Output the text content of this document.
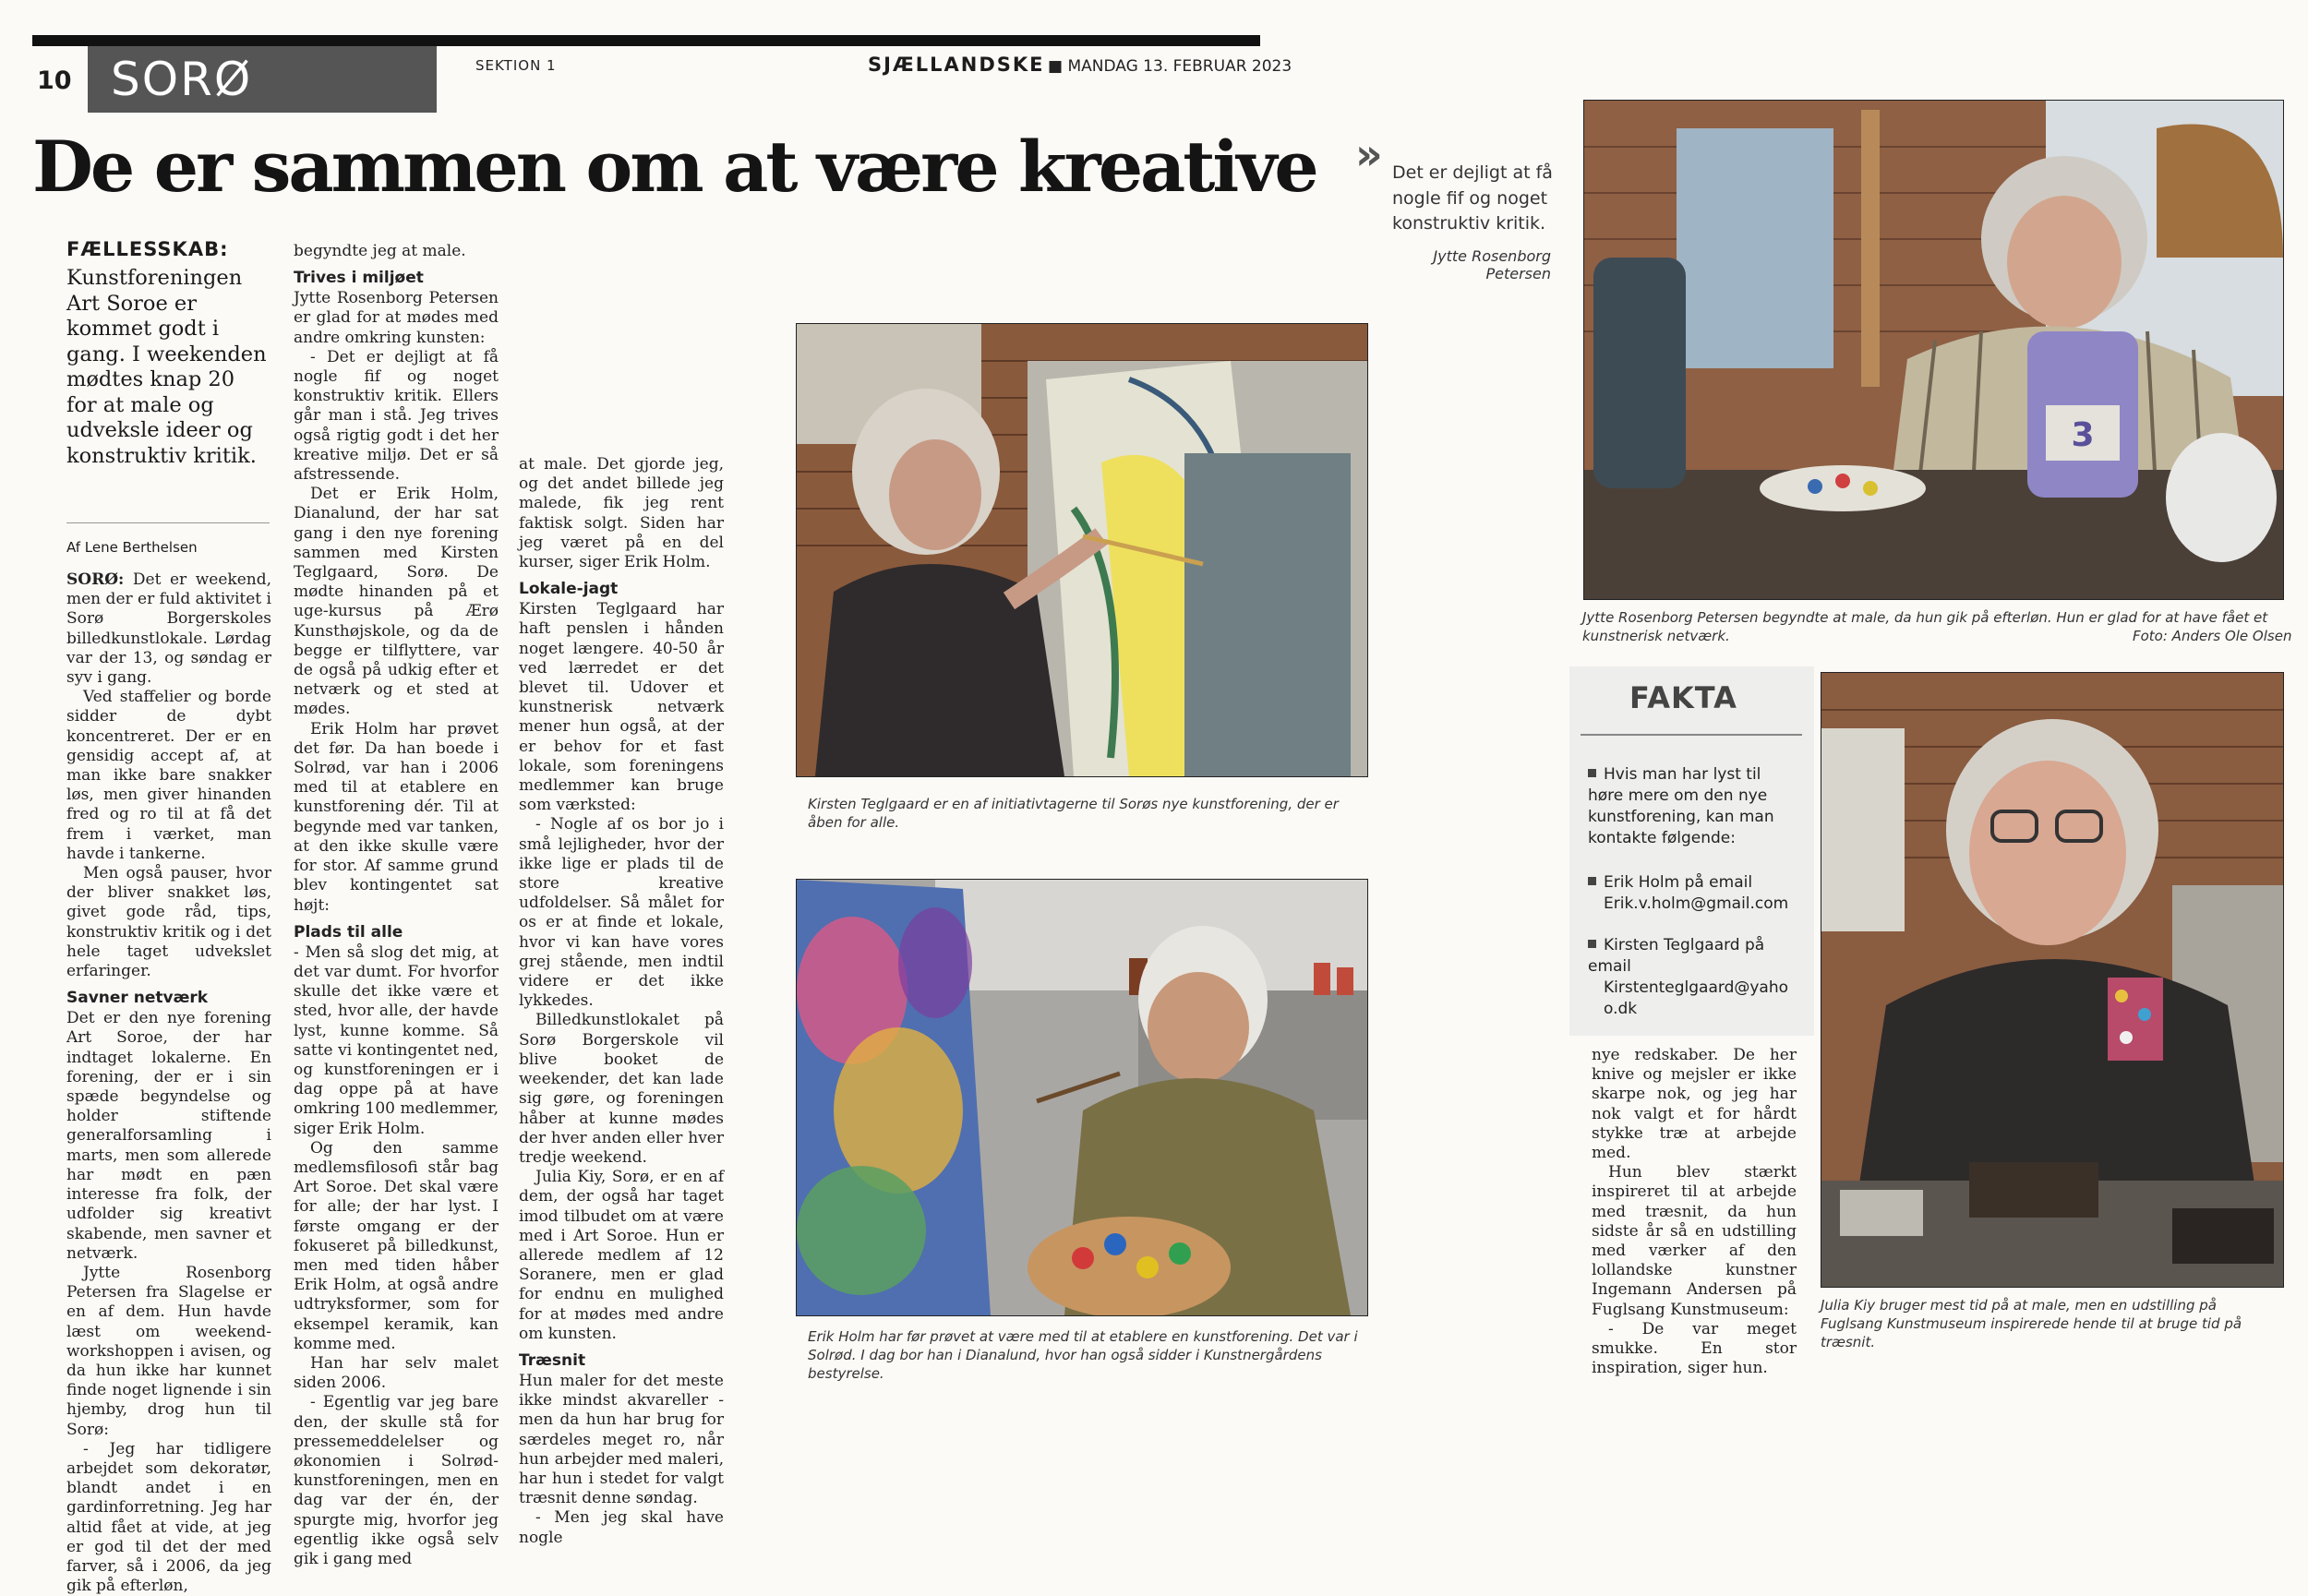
10 SORØ	SEKTION 1	SJÆLLANDSKE ■ MANDAG 13. FEBRUAR 2023
De er sammen om at være kreative » Det er dejligt at få nogle fif og noget konstruktiv kritik.
Jytte Rosenborg Petersen
FÆLLESSKAB:
Kunstforeningen Art Soroe er kommet godt i gang. I weekenden mødtes knap 20 for at male og udveksle ideer og konstruktiv kritik.
Af Lene Berthelsen

SORØ: Det er weekend, men der er fuld aktivitet i Sorø Borgerskoles billedkunstlokale. Lørdag var der 13, og søndag er syv i gang.

Ved staffelier og borde sidder de dybt koncentreret. Der er en gensidig accept af, at man ikke bare snakker løs, men giver hinanden fred og ro til at få det frem i værket, man havde i tankerne.

Men også pauser, hvor der bliver snakket løs, givet gode råd, tips, konstruktiv kritik og i det hele taget udvekslet erfaringer.

Savner netværk

Det er den nye forening Art Soroe, der har indtaget lokalerne. En forening, der er i sin spæde begyndelse og holder stiftende generalforsamling i marts, men som allerede har mødt en pæn interesse fra folk, der udfolder sig kreativt skabende, men savner et netværk.

Jytte Rosenborg Petersen fra Slagelse er en af dem. Hun havde læst om weekend-workshoppen i avisen, og da hun ikke har kunnet finde noget lignende i sin hjemby, drog hun til Sorø:

- Jeg har tidligere arbejdet som dekoratør, blandt andet i en gardinforretning. Jeg har altid fået at vide, at jeg er god til det der med farver, så i 2006, da jeg gik på efterløn,

begyndte jeg at male.

Trives i miljøet

Jytte Rosenborg Petersen er glad for at mødes med andre omkring kunsten:

- Det er dejligt at få nogle fif og noget konstruktiv kritik. Ellers går man i stå. Jeg trives også rigtig godt i det her kreative miljø. Det er så afstressende.

Det er Erik Holm, Dianalund, der har sat gang i den nye forening sammen med Kirsten Teglgaard, Sorø. De mødte hinanden på et uge-kursus på Ærø Kunsthøjskole, og da de begge er tilflyttere, var de også på udkig efter et netværk og et sted at mødes.

Erik Holm har prøvet det før. Da han boede i Solrød, var han i 2006 med til at etablere en kunstforening dér. Til at begynde med var tanken, at den ikke skulle være for stor. Af samme grund blev kontingentet sat højt:

Plads til alle

- Men så slog det mig, at det var dumt. For hvorfor skulle det ikke være et sted, hvor alle, der havde lyst, kunne komme. Så satte vi kontingentet ned, og kunstforeningen er i dag oppe på at have omkring 100 medlemmer, siger Erik Holm.

Og den samme medlemsfilosofi står bag Art Soroe. Det skal være for alle; der har lyst. I første omgang er der fokuseret på billedkunst, men med tiden håber Erik Holm, at også andre udtryksformer, som for eksempel keramik, kan komme med.

Han har selv malet siden 2006.

- Egentlig var jeg bare den, der skulle stå for pressemeddelelser og økonomien i Solrød-kunstforeningen, men en dag var der én, der spurgte mig, hvorfor jeg egentlig ikke også selv gik i gang med

at male. Det gjorde jeg, og det andet billede jeg malede, fik jeg rent faktisk solgt. Siden har jeg været på en del kurser, siger Erik Holm.

Lokale-jagt

Kirsten Teglgaard har haft penslen i hånden noget længere. 40-50 år ved lærredet er det blevet til. Udover et kunstnerisk netværk mener hun også, at der er behov for et fast lokale, som foreningens medlemmer kan bruge som værksted:

- Nogle af os bor jo i små lejligheder, hvor der ikke lige er plads til de store kreative udfoldelser. Så målet for os er at finde et lokale, hvor vi kan have vores grej stående, men indtil videre er det ikke lykkedes.

Billedkunstlokalet på Sorø Borgerskole vil blive booket de weekender, det kan lade sig gøre, og foreningen håber at kunne mødes der hver anden eller hver tredje weekend.

Julia Kiy, Sorø, er en af dem, der også har taget imod tilbudet om at være med i Art Soroe. Hun er allerede medlem af 12 Soranere, men er glad for endnu en mulighed for at mødes med andre om kunsten.

Træsnit

Hun maler for det meste ikke mindst akvareller - men da hun har brug for særdeles meget ro, når hun arbejder med maleri, har hun i stedet for valgt træsnit denne søndag.

- Men jeg skal have nogle

Kirsten Teglgaard er en af initiativtagerne til Sorøs nye kunstforening, der er åben for alle.
Erik Holm har før prøvet at være med til at etablere en kunstforening. Det var i Solrød. I dag bor han i Dianalund, hvor han også sidder i Kunstnergårdens bestyrelse.
3
Jytte Rosenborg Petersen begyndte at male, da hun gik på efterløn. Hun er glad for at have fået et kunstnerisk netværk.	Foto: Anders Ole Olsen
FAKTA
Hvis man har lyst til høre mere om den nye kunstforening, kan man kontakte følgende:
Erik Holm på email
Erik.v.holm@gmail.com
Kirsten Teglgaard på email
Kirstenteglgaard@yahoo.dk

nye redskaber. De her knive og mejsler er ikke skarpe nok, og jeg har nok valgt et for hårdt stykke træ at arbejde med.

Hun blev stærkt inspireret til at arbejde med træsnit, da hun sidste år så en udstilling med værker af den lollandske kunstner Ingemann Andersen på Fuglsang Kunstmuseum:

- De var meget smukke. En stor inspiration, siger hun.

Julia Kiy bruger mest tid på at male, men en udstilling på Fuglsang Kunstmuseum inspirerede hende til at bruge tid på træsnit.
